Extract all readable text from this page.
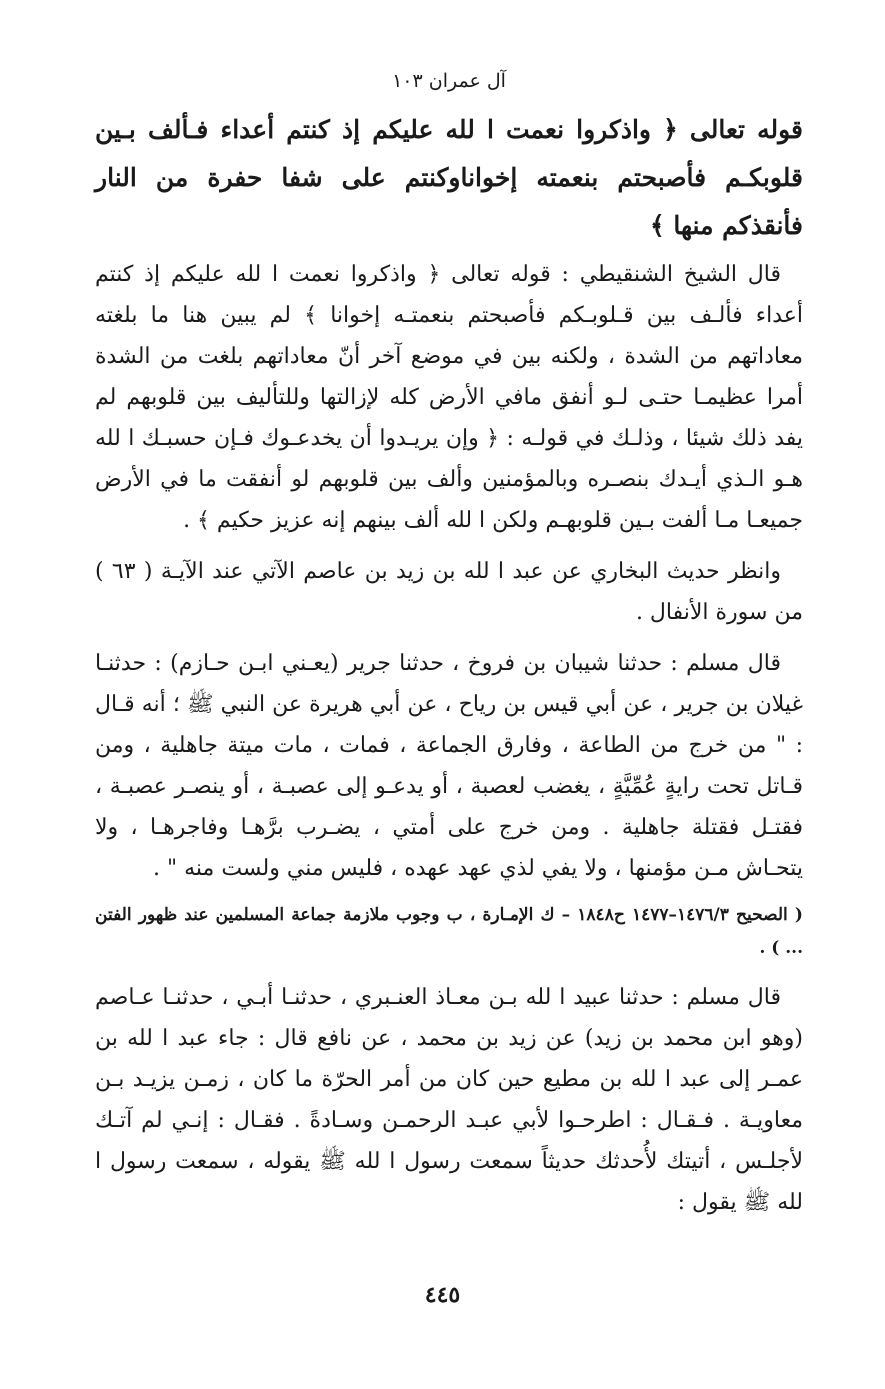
آل عمران ١٠٣

قوله تعالى ﴿ واذكروا نعمت ا لله عليكم إذ كنتم أعداء فـألف بـين قلوبكـم فأصبحتم بنعمته إخواناوكنتم على شفا حفرة من النار فأنقذكم منها ﴾

قال الشيخ الشنقيطي : قوله تعالى ﴿ واذكروا نعمت ا لله عليكم إذ كنتم أعداء فألـف بين قـلوبـكم فأصبحتم بنعمتـه إخوانا ﴾ لم يبين هنا ما بلغته معاداتهم من الشدة ، ولكنه بين في موضع آخر أنّ معاداتهم بلغت من الشدة أمرا عظيمـا حتـى لـو أنفق مافي الأرض كله لإزالتها وللتأليف بين قلوبهم لم يفد ذلك شيئا ، وذلـك في قولـه : ﴿ وإن يريـدوا أن يخدعـوك فـإن حسبـك ا لله هـو الـذي أيـدك بنصـره وبالمؤمنين وألف بين قلوبهم لو أنفقت ما في الأرض جميعـا مـا ألفت بـين قلوبهـم ولكن ا لله ألف بينهم إنه عزيز حكيم ﴾ .

وانظر حديث البخاري عن عبد ا لله بن زيد بن عاصم الآتي عند الآيـة ( ٦٣ ) من سورة الأنفال .

قال مسلم : حدثنا شيبان بن فروخ ، حدثنا جرير (يعـني ابـن حـازم) : حدثنـا غيلان بن جرير ، عن أبي قيس بن رياح ، عن أبي هريرة عن النبي ﷺ ؛ أنه قـال : " من خرج من الطاعة ، وفارق الجماعة ، فمات ، مات ميتة جاهلية ، ومن قـاتل تحت رايةٍ عُمِّيَّةٍ ، يغضب لعصبة ، أو يدعـو إلى عصبـة ، أو ينصـر عصبـة ، فقتـل فقتلة جاهلية . ومن خرج على أمتي ، يضـرب برَّهـا وفاجرهـا ، ولا يتحـاش مـن مؤمنها ، ولا يفي لذي عهد عهده ، فليس مني ولست منه " .

( الصحيح ١٤٧٦/٣–١٤٧٧ ح١٨٤٨ – ك الإمـارة ، ب وجوب ملازمة جماعة المسلمين عند ظهور الفتن ... ) .

قال مسلم : حدثنا عبيد ا لله بـن معـاذ العنـبري ، حدثنـا أبـي ، حدثنـا عـاصم (وهو ابن محمد بن زيد) عن زيد بن محمد ، عن نافع قال : جاء عبد ا لله بن عمـر إلى عبد ا لله بن مطيع حين كان من أمر الحرّة ما كان ، زمـن يزيـد بـن معاويـة . فـقـال : اطرحـوا لأبي عبـد الرحمـن وسـادةً . فقـال : إنـي لم آتـك لأجلـس ، أتيتك لأُحدثك حديثاً سمعت رسول ا لله ﷺ يقوله ، سمعت رسول ا لله ﷺ يقول :

٤٤٥
